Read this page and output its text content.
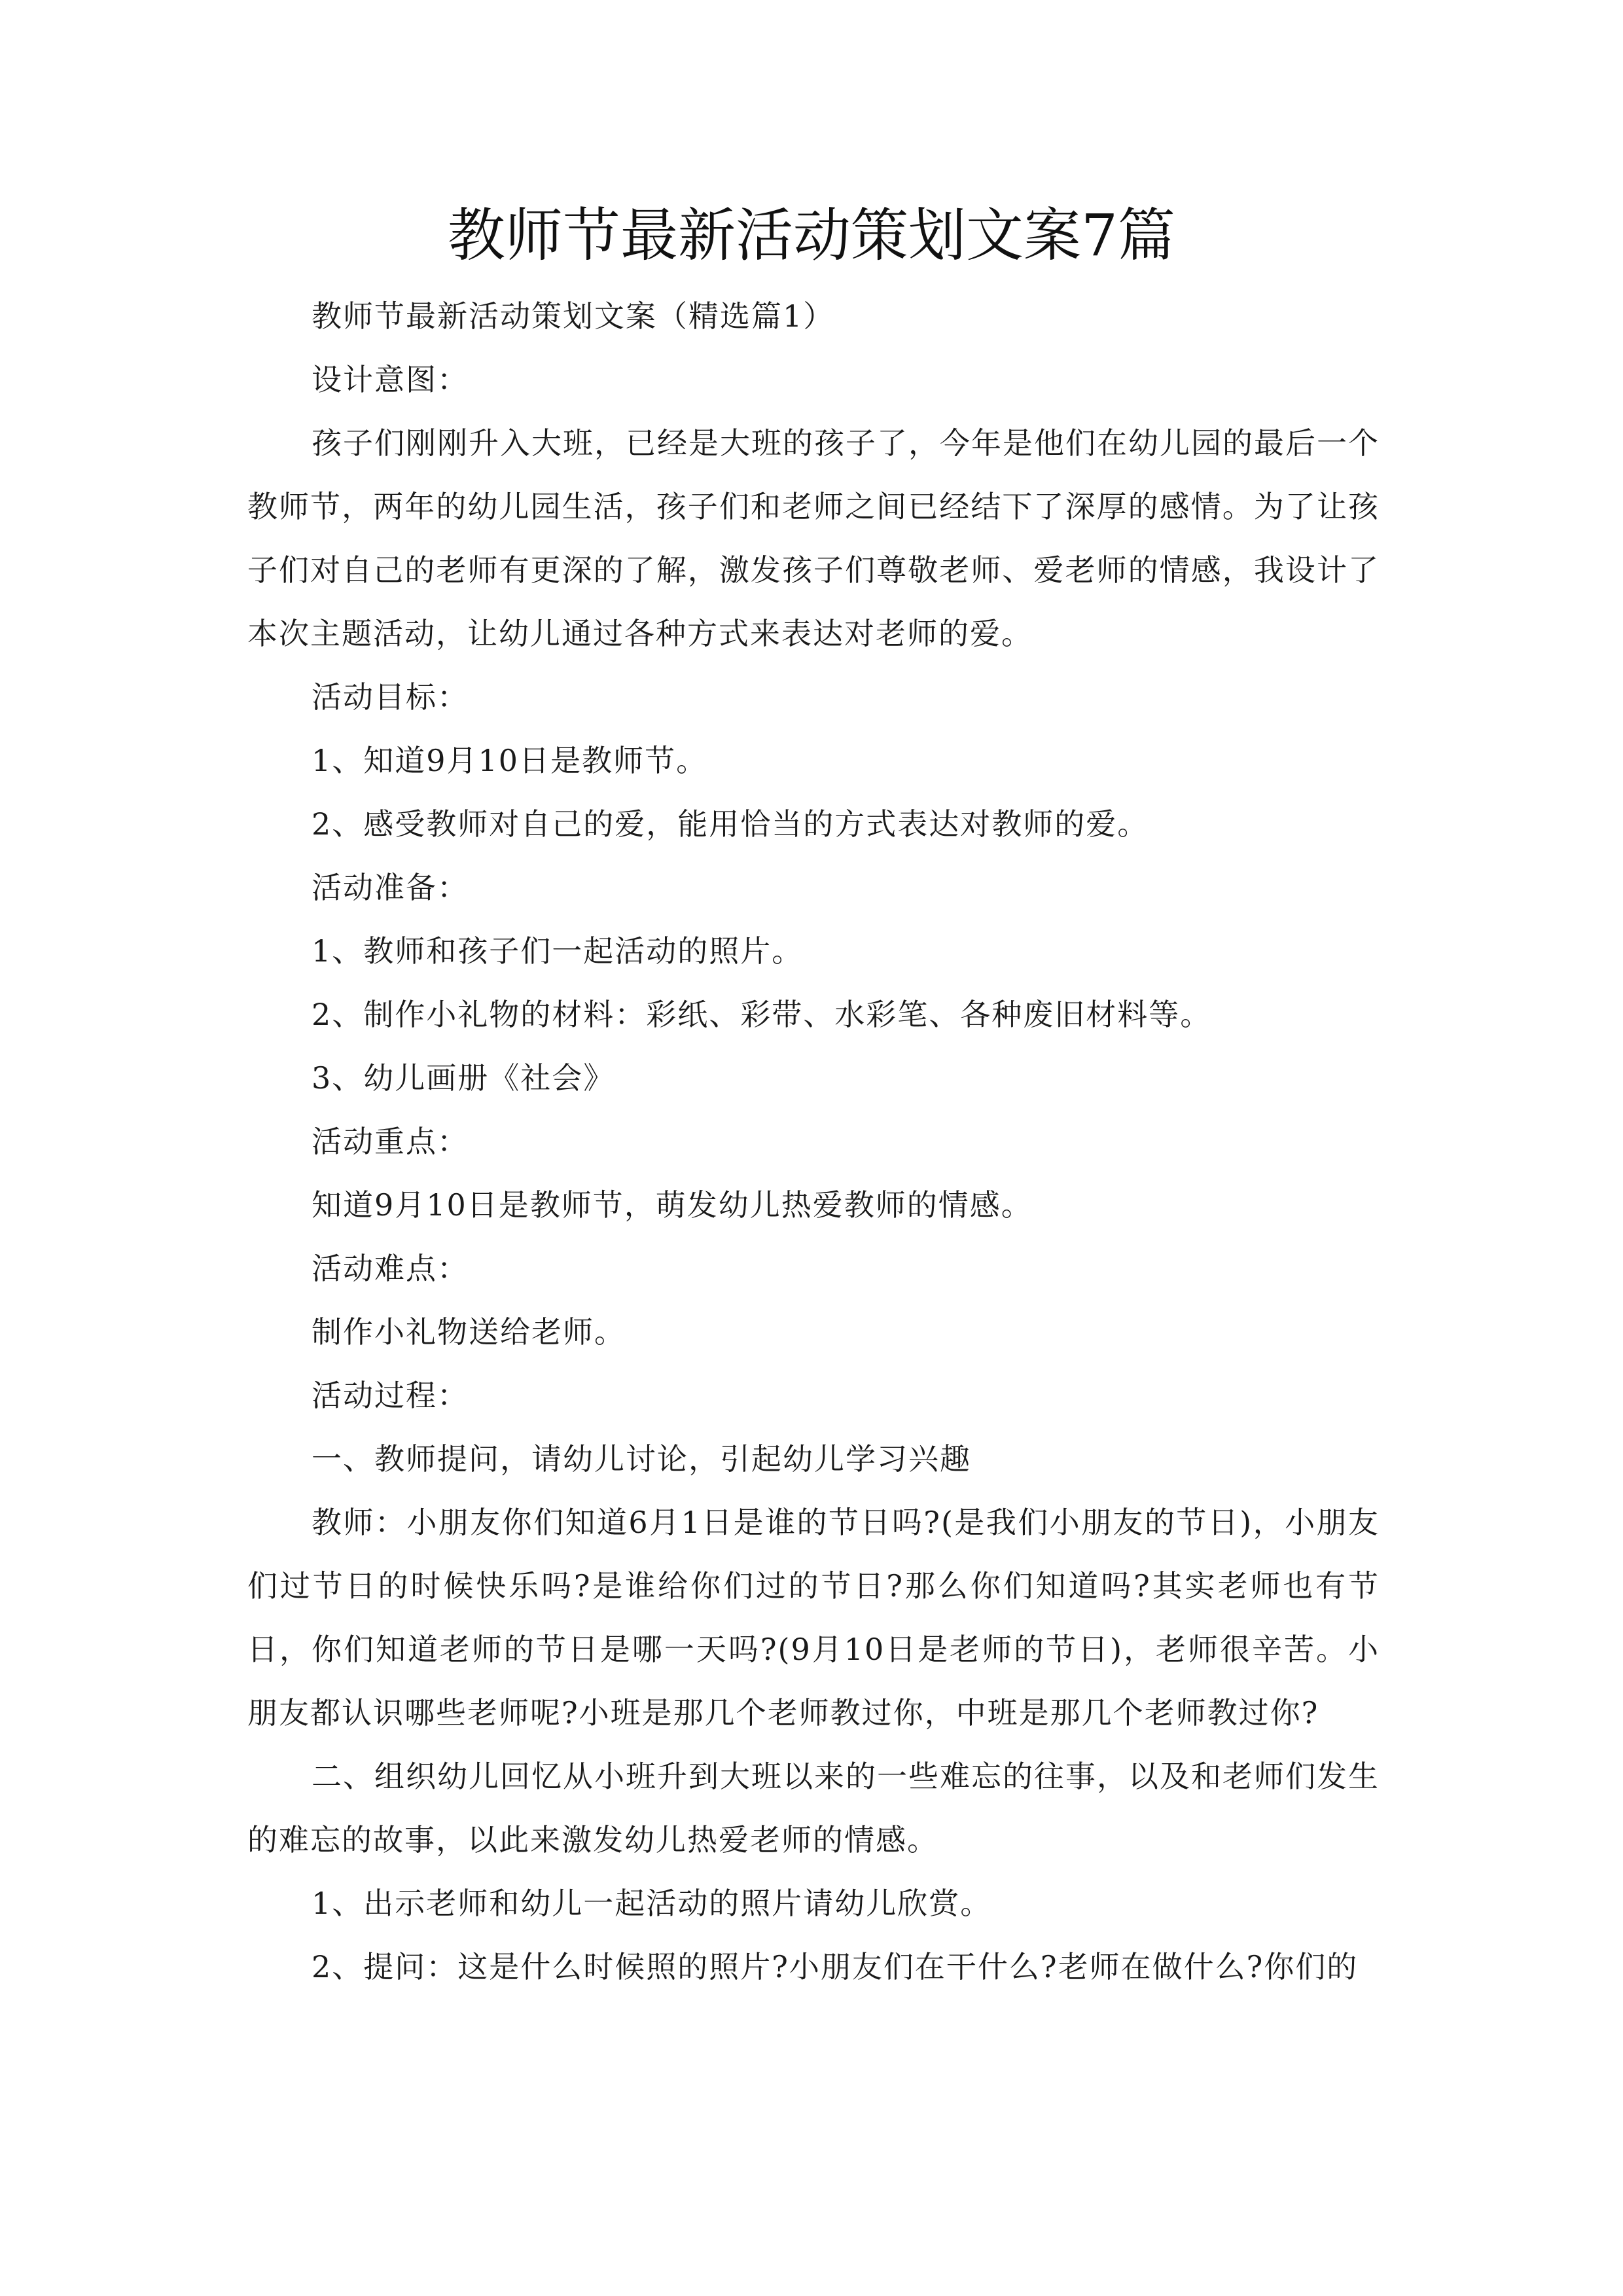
教师节最新活动策划文案7篇

教师节最新活动策划文案（精选篇1）

设计意图：

孩子们刚刚升入大班，已经是大班的孩子了，今年是他们在幼儿园的最后一个教师节，两年的幼儿园生活，孩子们和老师之间已经结下了深厚的感情。为了让孩子们对自己的老师有更深的了解，激发孩子们尊敬老师、爱老师的情感，我设计了本次主题活动，让幼儿通过各种方式来表达对老师的爱。

活动目标：

1、知道9月10日是教师节。

2、感受教师对自己的爱，能用恰当的方式表达对教师的爱。

活动准备：

1、教师和孩子们一起活动的照片。

2、制作小礼物的材料：彩纸、彩带、水彩笔、各种废旧材料等。

3、幼儿画册《社会》

活动重点：

知道9月10日是教师节，萌发幼儿热爱教师的情感。

活动难点：

制作小礼物送给老师。

活动过程：

一、教师提问，请幼儿讨论，引起幼儿学习兴趣

教师：小朋友你们知道6月1日是谁的节日吗?(是我们小朋友的节日)，小朋友们过节日的时候快乐吗?是谁给你们过的节日?那么你们知道吗?其实老师也有节日，你们知道老师的节日是哪一天吗?(9月10日是老师的节日)，老师很辛苦。小朋友都认识哪些老师呢?小班是那几个老师教过你，中班是那几个老师教过你?

二、组织幼儿回忆从小班升到大班以来的一些难忘的往事，以及和老师们发生的难忘的故事，以此来激发幼儿热爱老师的情感。

1、出示老师和幼儿一起活动的照片请幼儿欣赏。

2、提问：这是什么时候照的照片?小朋友们在干什么?老师在做什么?你们的
